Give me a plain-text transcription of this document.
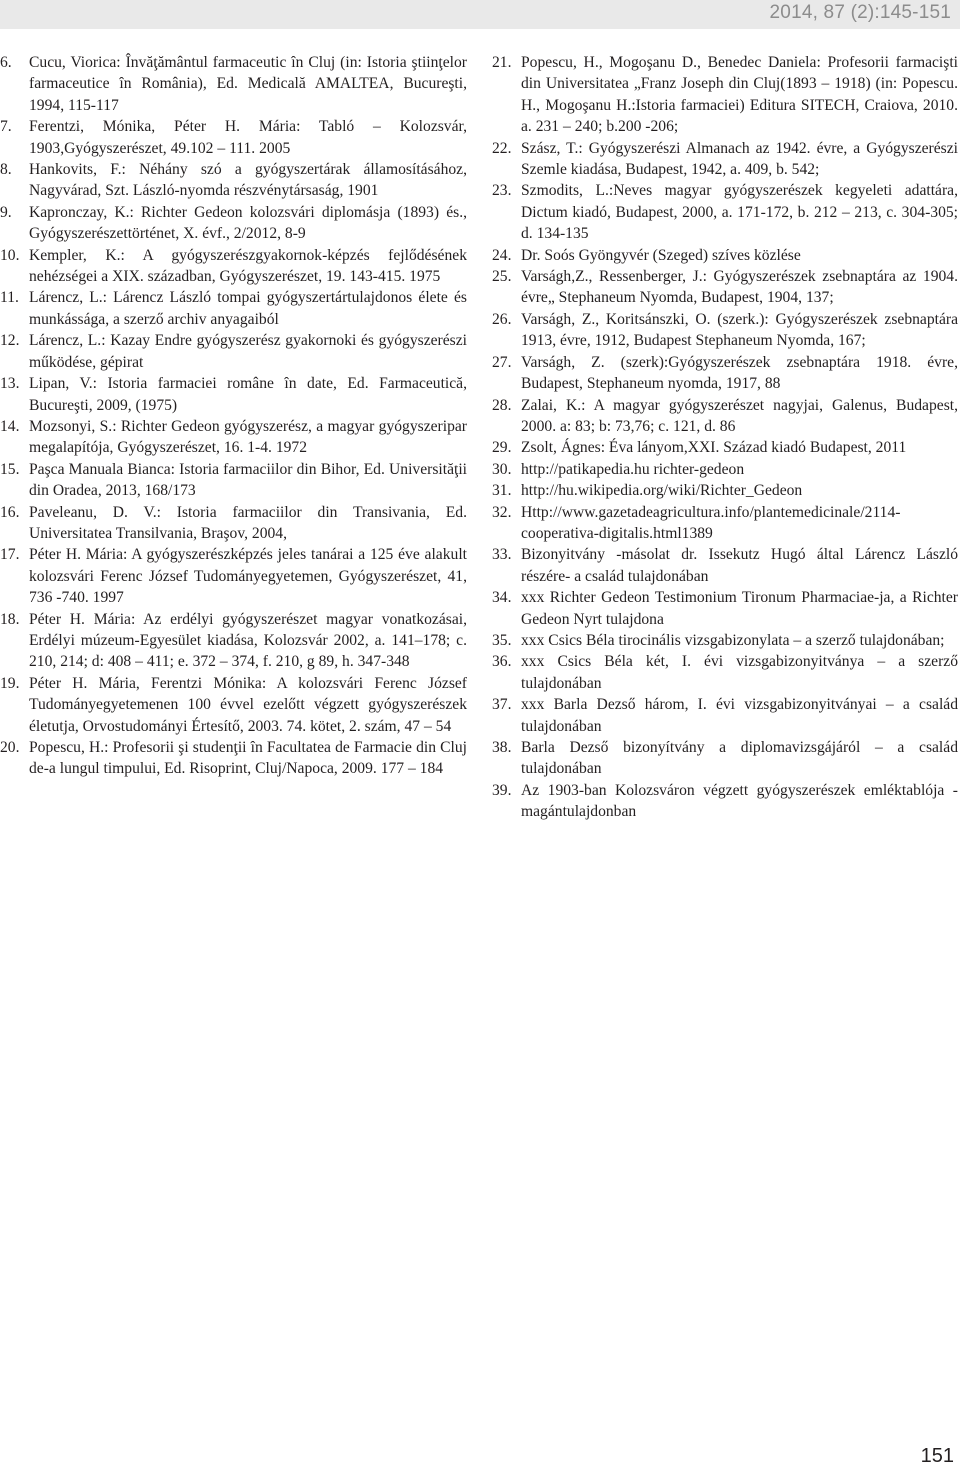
2014, 87 (2):145-151
6.	Cucu, Viorica: Învăţământul farmaceutic în Cluj (in: Istoria ştiinţelor farmaceutice în România), Ed. Medicală AMALTEA, Bucureşti, 1994, 115-117
7.	Ferentzi, Mónika, Péter H. Mária: Tabló – Kolozsvár, 1903,Gyógyszerészet, 49.102 – 111. 2005
8.	Hankovits, F.: Néhány szó a gyógyszertárak államosításához, Nagyvárad, Szt. László-nyomda részvénytársaság, 1901
9.	Kapronczay, K.: Richter Gedeon kolozsvári diplomásja (1893) és., Gyógyszerészettörténet, X. évf., 2/2012, 8-9
10. Kempler, K.: A gyógyszerészgyakornok-képzés fejlődésének nehézségei a XIX. században, Gyógyszerészet, 19. 143-415. 1975
11. Lárencz, L.: Lárencz László tompai gyógyszertártulajdonos élete és munkássága, a szerző archiv anyagaiból
12. Lárencz, L.: Kazay Endre gyógyszerész gyakornoki és gyógyszerészi működése, gépirat
13. Lipan, V.: Istoria farmaciei române în date, Ed. Farmaceutică, Bucureşti, 2009, (1975)
14. Mozsonyi, S.: Richter Gedeon gyógyszerész, a magyar gyógyszeripar megalapítója, Gyógyszerészet, 16. 1-4. 1972
15. Paşca Manuala Bianca: Istoria farmaciilor din Bihor, Ed. Universităţii din Oradea, 2013, 168/173
16. Paveleanu, D. V.: Istoria farmaciilor din Transivania, Ed. Universitatea Transilvania, Braşov, 2004,
17. Péter H. Mária: A gyógyszerészképzés jeles tanárai a 125 éve alakult kolozsvári Ferenc József Tudományegyetemen, Gyógyszerészet, 41, 736 -740. 1997
18. Péter H. Mária: Az erdélyi gyógyszerészet magyar vonatkozásai, Erdélyi múzeum-Egyesület kiadása, Kolozsvár 2002, a. 141–178; c. 210, 214; d: 408 – 411; e. 372 – 374, f. 210, g 89, h. 347-348
19. Péter H. Mária, Ferentzi Mónika: A kolozsvári Ferenc József Tudományegyetemenen 100 évvel ezelőtt végzett gyógyszerészek életutja, Orvostudományi Értesítő, 2003. 74. kötet, 2. szám, 47 – 54
20. Popescu, H.: Profesorii şi studenţii în Facultatea de Farmacie din Cluj de-a lungul timpului, Ed. Risoprint, Cluj/Napoca, 2009. 177 – 184
21. Popescu, H., Mogoşanu D., Benedec Daniela: Profesorii farmacişti din Universitatea „Franz Joseph din Cluj(1893 – 1918) (in: Popescu. H., Mogoşanu H.:Istoria farmaciei) Editura SITECH, Craiova, 2010. a. 231 – 240; b.200 -206;
22. Szász, T.: Gyógyszerészi Almanach az 1942. évre, a Gyógyszerészi Szemle kiadása, Budapest, 1942, a. 409, b. 542;
23. Szmodits, L.:Neves magyar gyógyszerészek kegyeleti adattára, Dictum kiadó, Budapest, 2000, a. 171-172, b. 212 – 213, c. 304-305; d. 134-135
24. Dr. Soós Gyöngyvér (Szeged) szíves közlése
25. Varságh,Z., Ressenberger, J.: Gyógyszerészek zsebnaptára az 1904. évre„ Stephaneum Nyomda, Budapest, 1904, 137;
26. Varságh, Z., Koritsánszki, O. (szerk.): Gyógyszerészek zsebnaptára 1913, évre, 1912, Budapest Stephaneum Nyomda, 167;
27. Varságh, Z. (szerk):Gyógyszerészek zsebnaptára 1918. évre, Budapest, Stephaneum nyomda, 1917, 88
28. Zalai, K.: A magyar gyógyszerészet nagyjai, Galenus, Budapest, 2000. a: 83; b: 73,76; c. 121, d. 86
29. Zsolt, Ágnes: Éva lányom,XXI. Század kiadó Budapest, 2011
30. http://patikapedia.hu richter-gedeon
31. http://hu.wikipedia.org/wiki/Richter_Gedeon
32. Http://www.gazetadeagricultura.info/plantemedicinale/2114-cooperativa-digitalis.html1389
33. Bizonyitvány -másolat dr. Issekutz Hugó által Lárencz László részére- a család tulajdonában
34. xxx Richter Gedeon Testimonium Tironum Pharmaciae-ja, a Richter Gedeon Nyrt tulajdona
35. xxx Csics Béla tirocinális vizsgabizonylata – a szerző tulajdonában;
36. xxx Csics Béla két, I. évi vizsgabizonyitványa – a szerző tulajdonában
37. xxx Barla Dezső három, I. évi vizsgabizonyitványai – a család tulajdonában
38. Barla Dezső bizonyítvány a diplomavizsgájáról – a család tulajdonában
39. Az 1903-ban Kolozsváron végzett gyógyszerészek emléktablója - magántulajdonban
151
